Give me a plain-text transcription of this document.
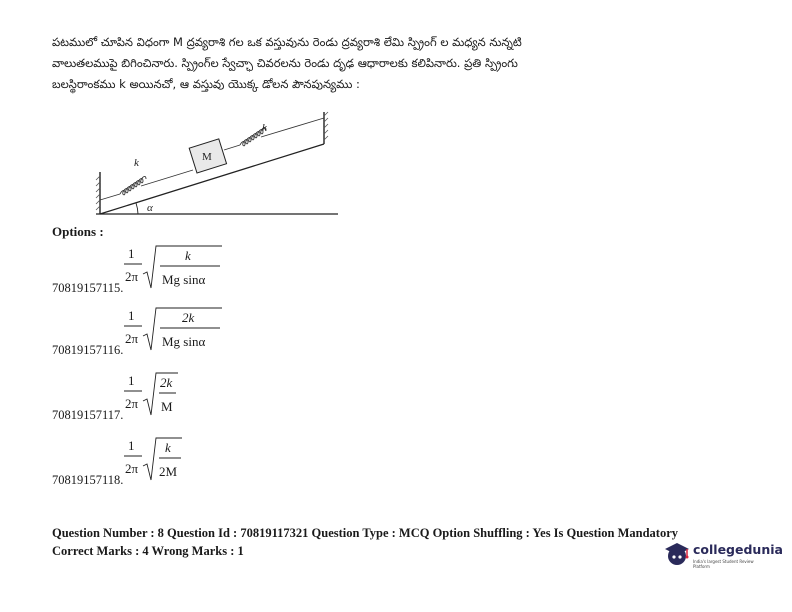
పటములో చూపిన విధంగా M ద్రవ్యరాశి గల ఒక వస్తువును రెండు ద్రవ్యరాశి లేమి స్ప్రింగ్ ల మధ్యన నున్నటి

వాలుతలముపై బిగించినారు. స్ప్రింగ్‌ల స్వేచ్ఛా చివరలను రెండు దృఢ ఆధారాలకు కలిపినారు. ప్రతి స్ప్రింగు

బలస్థిరాంకము k అయినచో, ఆ వస్తువు యొక్క డోలన పౌనపున్యము :

k	M
k
α
Options :
1
2π
k
Mg sinα
70819157115.
1
2π
2k
Mg sinα
70819157116.
1
2π
2k
M
70819157117.
1
2π
k
2M
70819157118.
Question Number : 8 Question Id : 70819117321 Question Type : MCQ Option Shuffling : Yes Is Question Mandatory
Correct Marks : 4 Wrong Marks : 1	collegedunia
India's largest Student Review Platform
